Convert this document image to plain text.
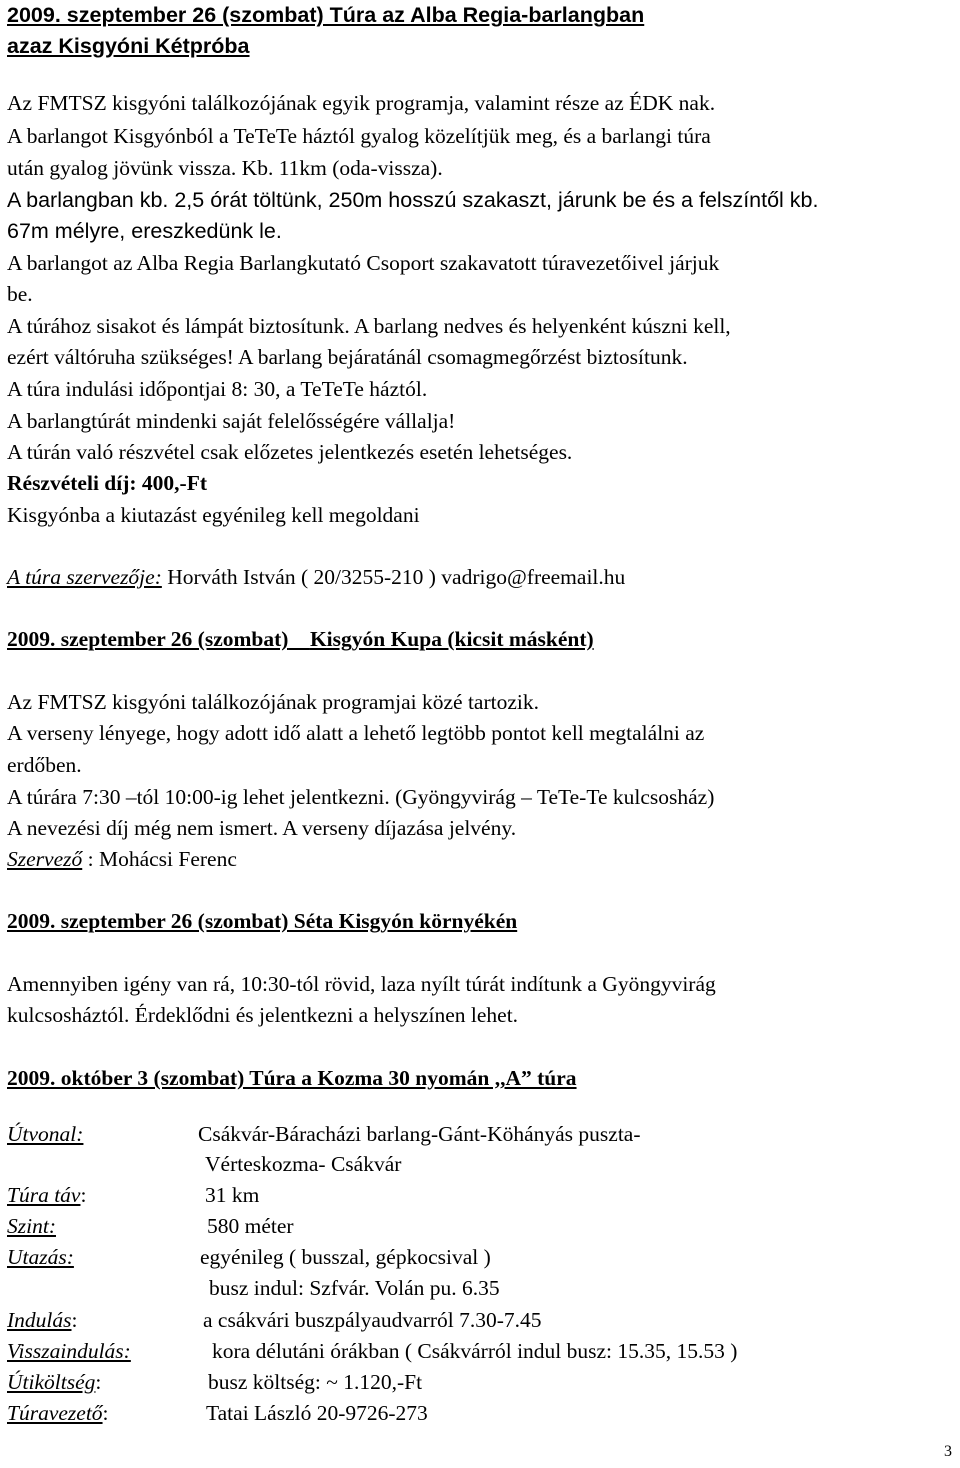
2009. szeptember 26 (szombat) Túra az Alba Regia-barlangban
azaz Kisgyóni Kétpróba
Az FMTSZ kisgyóni találkozójának egyik programja, valamint része az ÉDK nak.
A barlangot Kisgyónból a TeTeTe háztól gyalog közelítjük meg, és a barlangi túra
után gyalog jövünk vissza. Kb. 11km (oda-vissza).
A barlangban kb. 2,5 órát töltünk, 250m hosszú szakaszt, járunk be és a felszíntől kb.
67m mélyre, ereszkedünk le.
A barlangot az Alba Regia Barlangkutató Csoport szakavatott túravezetőivel járjuk
be.
A túrához sisakot és lámpát biztosítunk. A barlang nedves és helyenként kúszni kell,
ezért váltóruha szükséges! A barlang bejáratánál csomagmegőrzést biztosítunk.
A túra indulási időpontjai 8: 30, a TeTeTe háztól.
A barlangtúrát mindenki saját felelősségére vállalja!
A túrán való részvétel csak előzetes jelentkezés esetén lehetséges.
Részvételi díj: 400,-Ft
Kisgyónba a kiutazást egyénileg kell megoldani
A túra szervezője: Horváth István ( 20/3255-210 ) vadrigo@freemail.hu
2009. szeptember 26 (szombat) Kisgyón Kupa (kicsit másként)
Az FMTSZ kisgyóni találkozójának programjai közé tartozik.
A verseny lényege, hogy adott idő alatt a lehető legtöbb pontot kell megtalálni az
erdőben.
A túrára 7:30 –tól 10:00-ig lehet jelentkezni. (Gyöngyvirág – TeTe-Te kulcsosház)
A nevezési díj még nem ismert. A verseny díjazása jelvény.
Szervező : Mohácsi Ferenc
2009. szeptember 26 (szombat) Séta Kisgyón környékén
Amennyiben igény van rá, 10:30-tól rövid, laza nyílt túrát indítunk a Gyöngyvirág
kulcsosháztól. Érdeklődni és jelentkezni a helyszínen lehet.
2009. október 3 (szombat) Túra a Kozma 30 nyomán ,,A” túra
Útvonal:	Csákvár-Báracházi barlang-Gánt-Köhányás puszta-
Vérteskozma- Csákvár
Túra táv:	31 km
Szint:	580 méter
Utazás:	egyénileg ( busszal, gépkocsival )
busz indul: Szfvár. Volán pu. 6.35
Indulás:	a csákvári buszpályaudvarról 7.30-7.45
Visszaindulás:	kora délutáni órákban ( Csákvárról indul busz: 15.35, 15.53 )
Útiköltség:	busz költség: ~ 1.120,-Ft
Túravezető:	Tatai László 20-9726-273
3
